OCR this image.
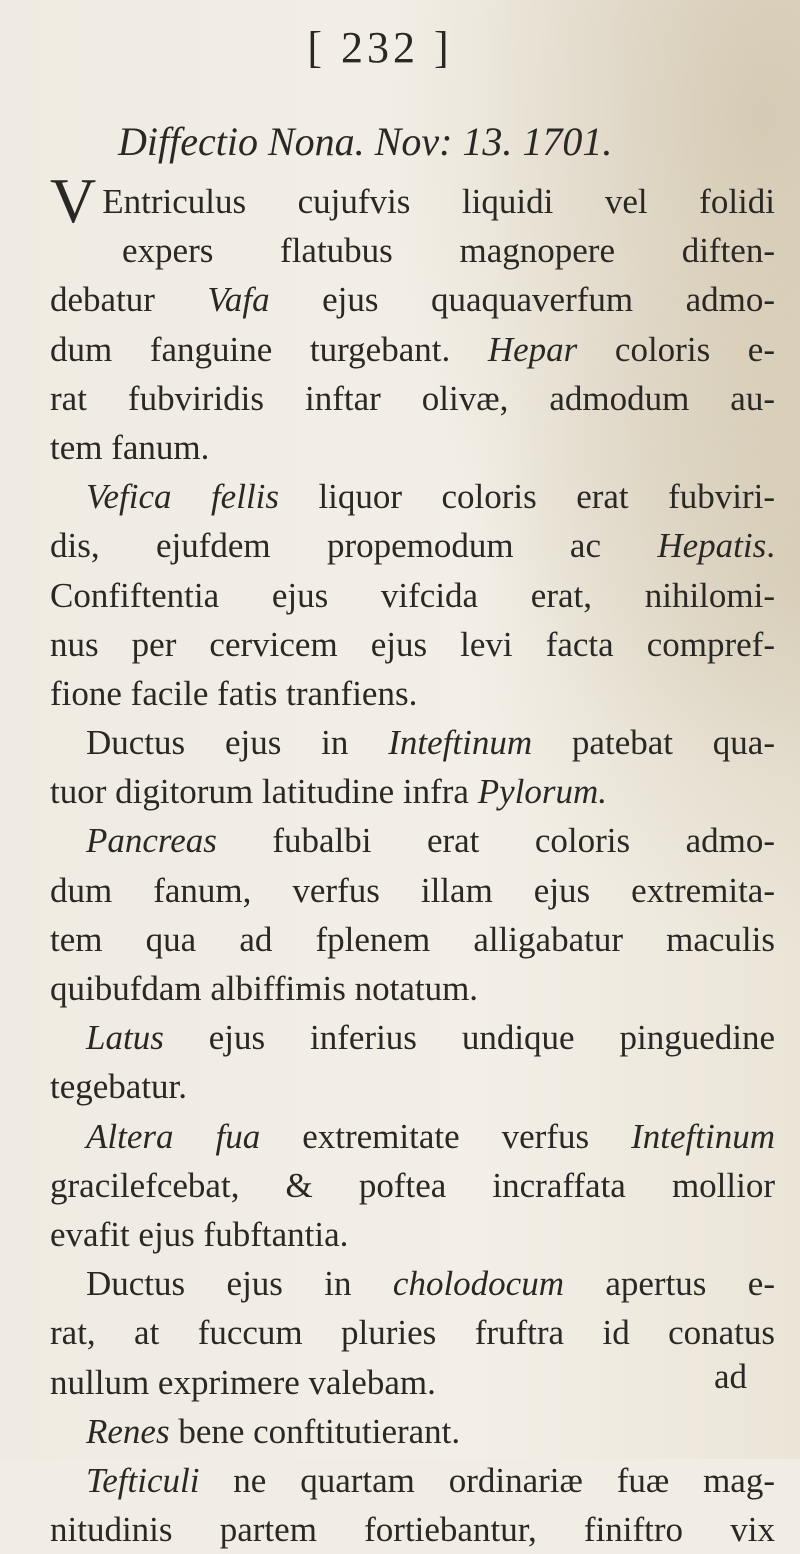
[ 232 ]
Diffectio Nona. Nov: 13. 1701.
V Entriculus cujufvis liquidi vel folidi
expers flatubus magnopere diften-
debatur Vafa ejus quaquaverfum admo-
dum fanguine turgebant. Hepar coloris e-
rat fubviridis inftar olivæ, admodum au-
tem fanum.
Vefica fellis liquor coloris erat fubviri-
dis, ejufdem propemodum ac Hepatis.
Confiftentia ejus vifcida erat, nihilomi-
nus per cervicem ejus levi facta compref-
fione facile fatis tranfiens.
Ductus ejus in Inteftinum patebat qua-
tuor digitorum latitudine infra Pylorum.
Pancreas fubalbi erat coloris admo-
dum fanum, verfus illam ejus extremita-
tem qua ad fplenem alligabatur maculis
quibufdam albiffimis notatum.
Latus ejus inferius undique pinguedine
tegebatur.
Altera fua extremitate verfus Inteftinum
gracilefcebat, & poftea incraffata mollior
evafit ejus fubftantia.
Ductus ejus in cholodocum apertus e-
rat, at fuccum pluries fruftra id conatus
nullum exprimere valebam.
Renes bene conftitutierant.
Tefticuli ne quartam ordinariæ fuæ mag-
nitudinis partem fortiebantur, finiftro vix
ad
